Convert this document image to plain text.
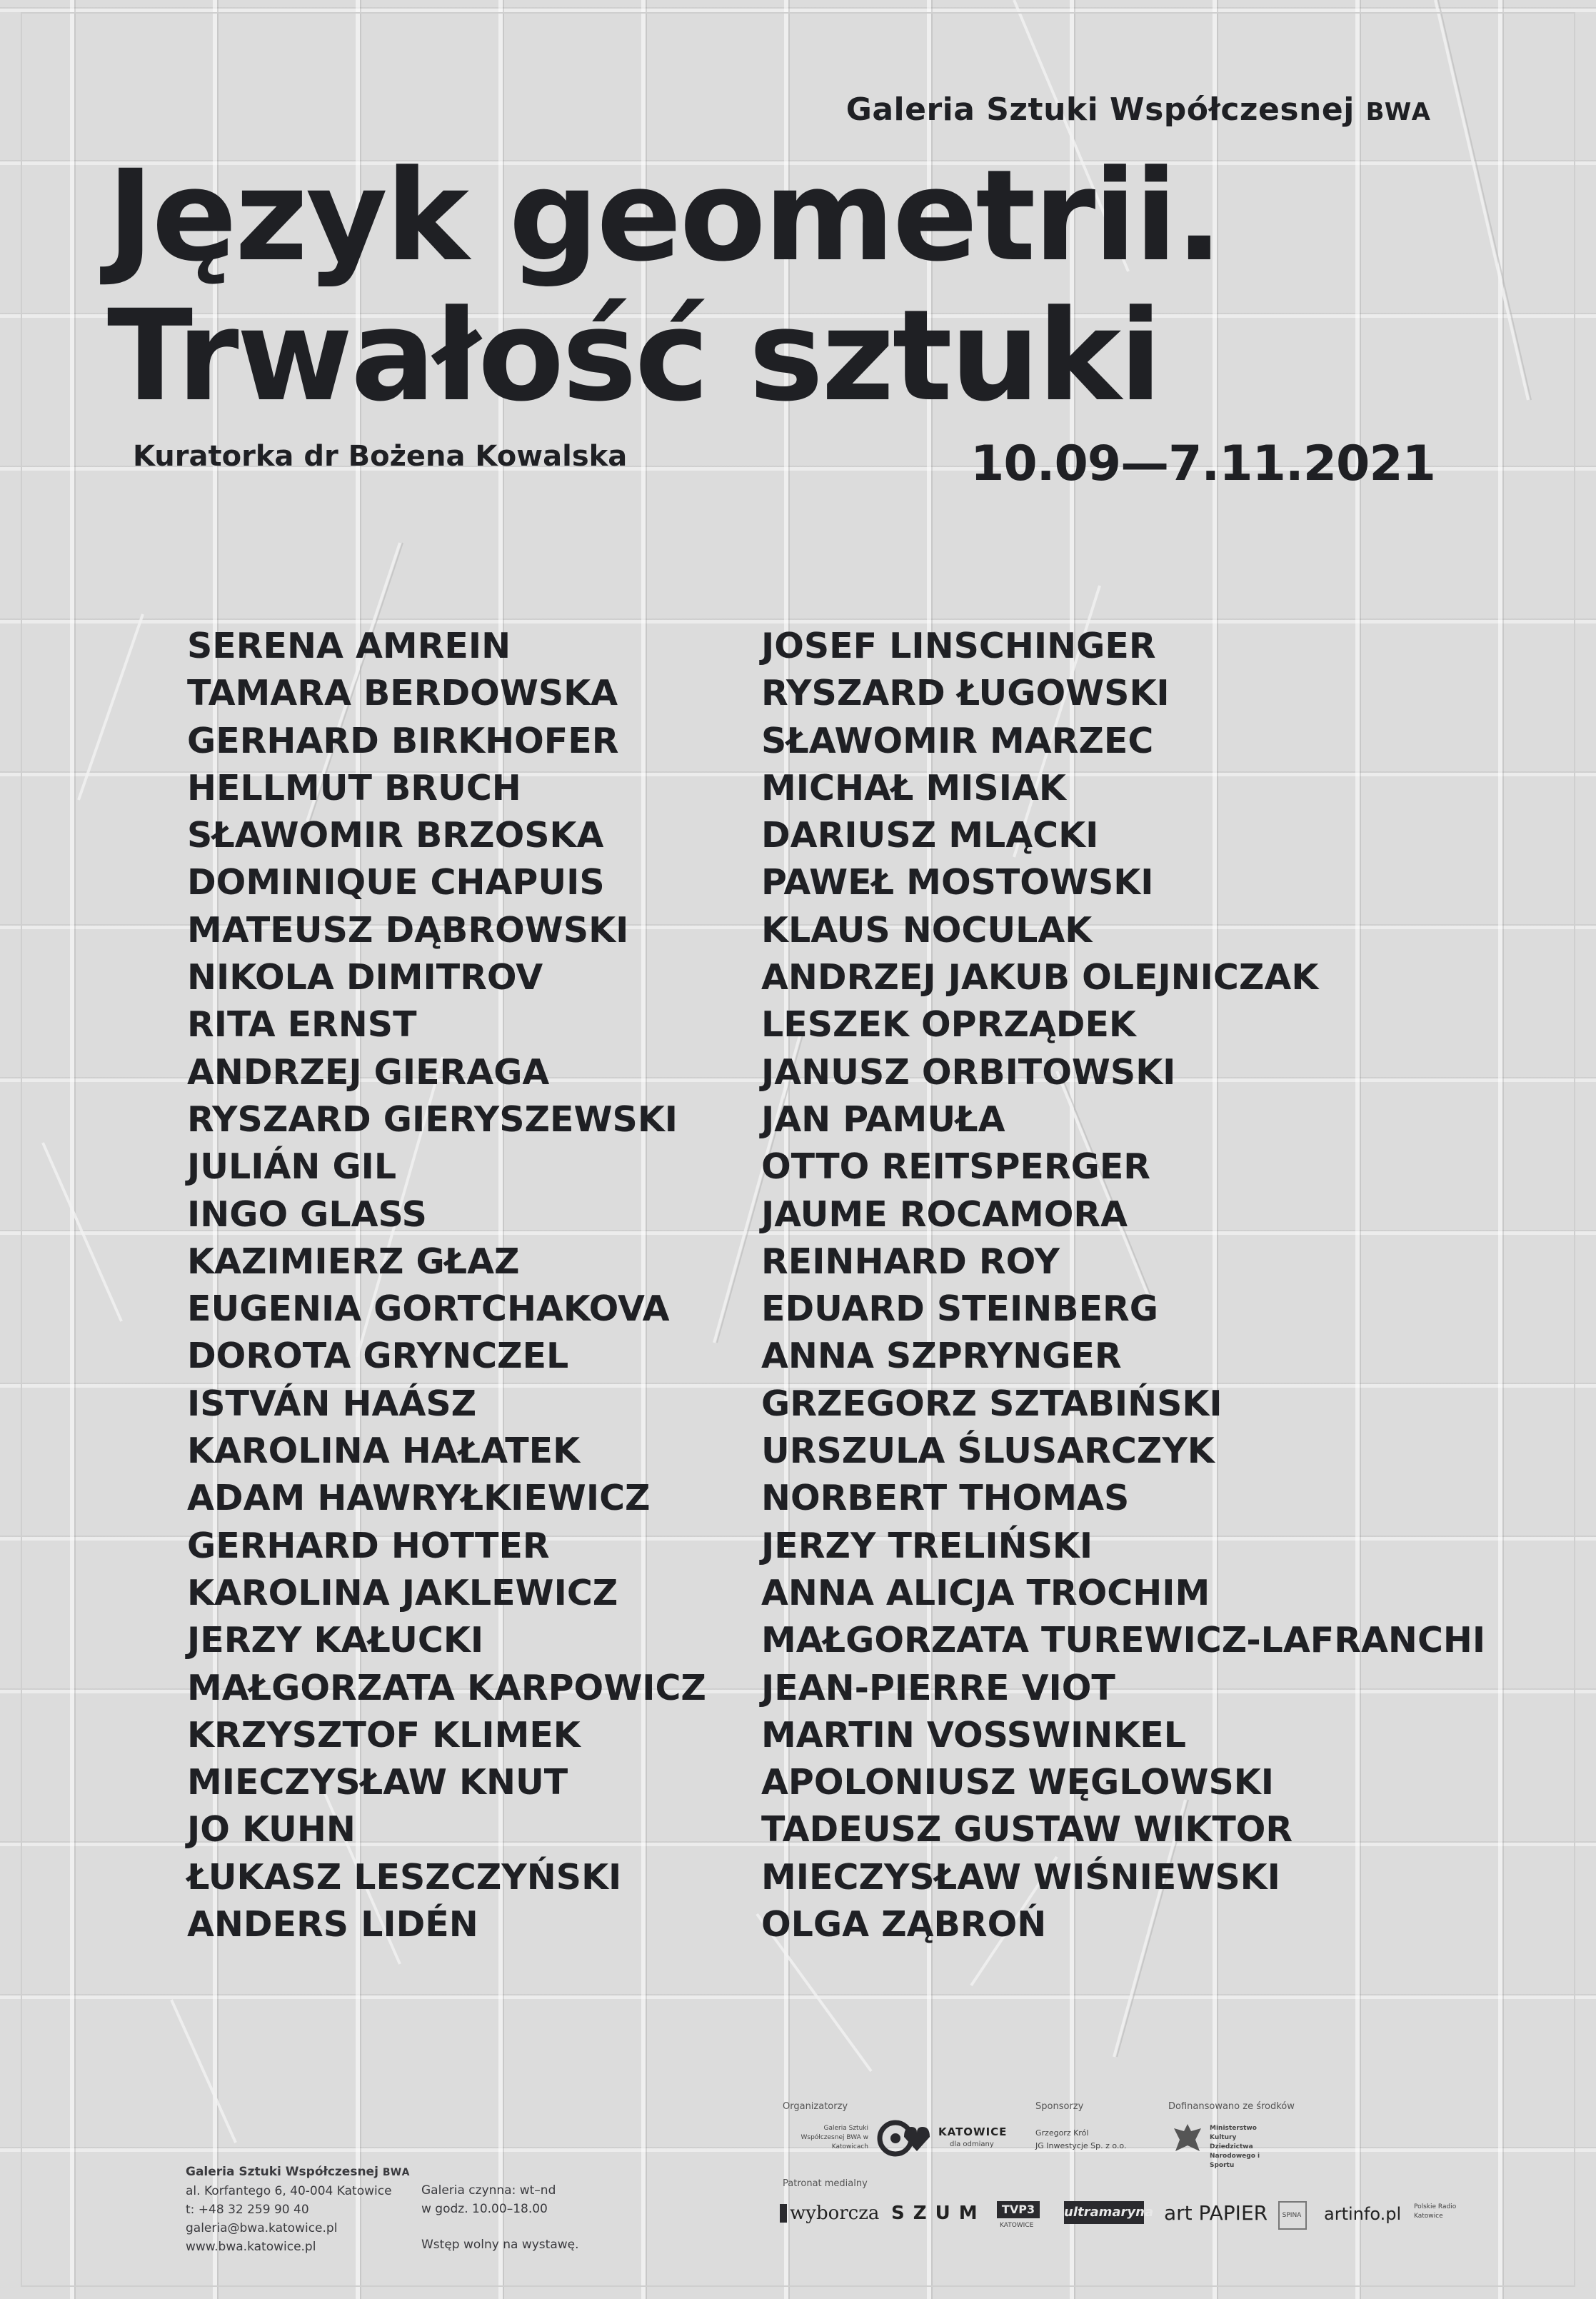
Galeria Sztuki Współczesnej BWA
Język geometrii.
Trwałość sztuki
Kuratorka dr Bożena Kowalska	10.09—7.11.2021
SERENA AMREIN
TAMARA BERDOWSKA
GERHARD BIRKHOFER
HELLMUT BRUCH
SŁAWOMIR BRZOSKA
DOMINIQUE CHAPUIS
MATEUSZ DĄBROWSKI
NIKOLA DIMITROV
RITA ERNST
ANDRZEJ GIERAGA
RYSZARD GIERYSZEWSKI
JULIÁN GIL
INGO GLASS
KAZIMIERZ GŁAZ
EUGENIA GORTCHAKOVA
DOROTA GRYNCZEL
ISTVÁN HAÁSZ
KAROLINA HAŁATEK
ADAM HAWRYŁKIEWICZ
GERHARD HOTTER
KAROLINA JAKLEWICZ
JERZY KAŁUCKI
MAŁGORZATA KARPOWICZ
KRZYSZTOF KLIMEK
MIECZYSŁAW KNUT
JO KUHN
ŁUKASZ LESZCZYŃSKI
ANDERS LIDÉN
JOSEF LINSCHINGER
RYSZARD ŁUGOWSKI
SŁAWOMIR MARZEC
MICHAŁ MISIAK
DARIUSZ MLĄCKI
PAWEŁ MOSTOWSKI
KLAUS NOCULAK
ANDRZEJ JAKUB OLEJNICZAK
LESZEK OPRZĄDEK
JANUSZ ORBITOWSKI
JAN PAMUŁA
OTTO REITSPERGER
JAUME ROCAMORA
REINHARD ROY
EDUARD STEINBERG
ANNA SZPRYNGER
GRZEGORZ SZTABIŃSKI
URSZULA ŚLUSARCZYK
NORBERT THOMAS
JERZY TRELIŃSKI
ANNA ALICJA TROCHIM
MAŁGORZATA TUREWICZ-LAFRANCHI
JEAN-PIERRE VIOT
MARTIN VOSSWINKEL
APOLONIUSZ WĘGLOWSKI
TADEUSZ GUSTAW WIKTOR
MIECZYSŁAW WIŚNIEWSKI
OLGA ZĄBROŃ
Galeria Sztuki Współczesnej BWA
al. Korfantego 6, 40-004 Katowice
t: +48 32 259 90 40
galeria@bwa.katowice.pl
www.bwa.katowice.pl
Galeria czynna: wt–nd
w godz. 10.00–18.00
Wstęp wolny na wystawę.
Organizatorzy
Galeria Sztuki Współczesnej BWA w Katowicach
KATOWICE
dla odmiany
Sponsorzy
Grzegorz Król
JG Inwestycje Sp. z o.o.
Dofinansowano ze środków
Ministerstwo Kultury Dziedzictwa Narodowego i Sportu
Patronat medialny
wyborcza SZUM	TVP3
KATOWICE
ultramaryna art PAPIER	SPINA artinfo.pl Polskie Radio Katowice
